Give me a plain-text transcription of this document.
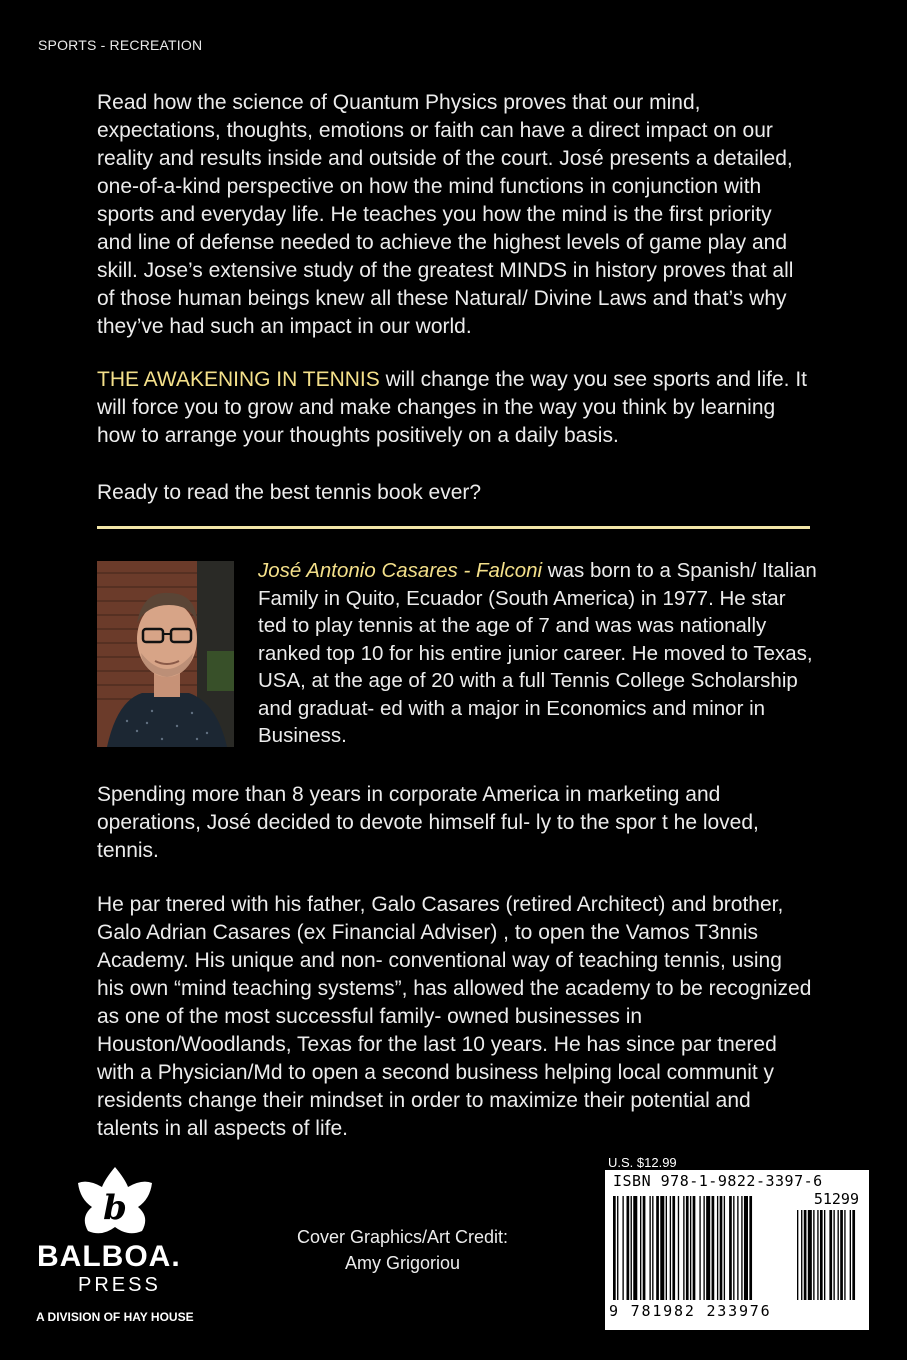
SPORTS - RECREATION

Read how the science of Quantum Physics proves that our mind, expectations, thoughts, emotions or faith can have a direct impact on our reality and results inside and outside of the court. José presents a detailed, one-of-a-kind perspective on how the mind functions in conjunction with sports and everyday life. He teaches you how the mind is the first priority and line of defense needed to achieve the highest levels of game play and skill. Jose’s extensive study of the greatest MINDS in history proves that all of those human beings knew all these Natural/ Divine Laws and that’s why they’ve had such an impact in our world.

THE AWAKENING IN TENNIS will change the way you see sports and life. It will force you to grow and make changes in the way you think by learning how to arrange your thoughts positively on a daily basis.

Ready to read the best tennis book ever?

José Antonio Casares - Falconi was born to a Spanish/ Italian Family in Quito, Ecuador (South America) in 1977. He star ted to play tennis at the age of 7 and was was nationally ranked top 10 for his entire junior career. He moved to Texas, USA, at the age of 20 with a full Tennis College Scholarship and graduat- ed with a major in Economics and minor in Business.

Spending more than 8 years in corporate America in marketing and operations, José decided to devote himself ful- ly to the spor t he loved, tennis.

He par tnered with his father, Galo Casares (retired Architect) and brother, Galo Adrian Casares (ex Financial Adviser) , to open the Vamos T3nnis Academy. His unique and non- conventional way of teaching tennis, using his own “mind teaching systems”, has allowed the academy to be recognized as one of the most successful family- owned businesses in Houston/Woodlands, Texas for the last 10 years. He has since par tnered with a Physician/Md to open a second business helping local communit y residents change their mindset in order to maximize their potential and talents in all aspects of life.

b
BALBOA.
PRESS
A DIVISION OF HAY HOUSE
Cover Graphics/Art Credit:
Amy Grigoriou
U.S. $12.99
ISBN 978-1-9822-3397-6
51299
9 781982 233976
